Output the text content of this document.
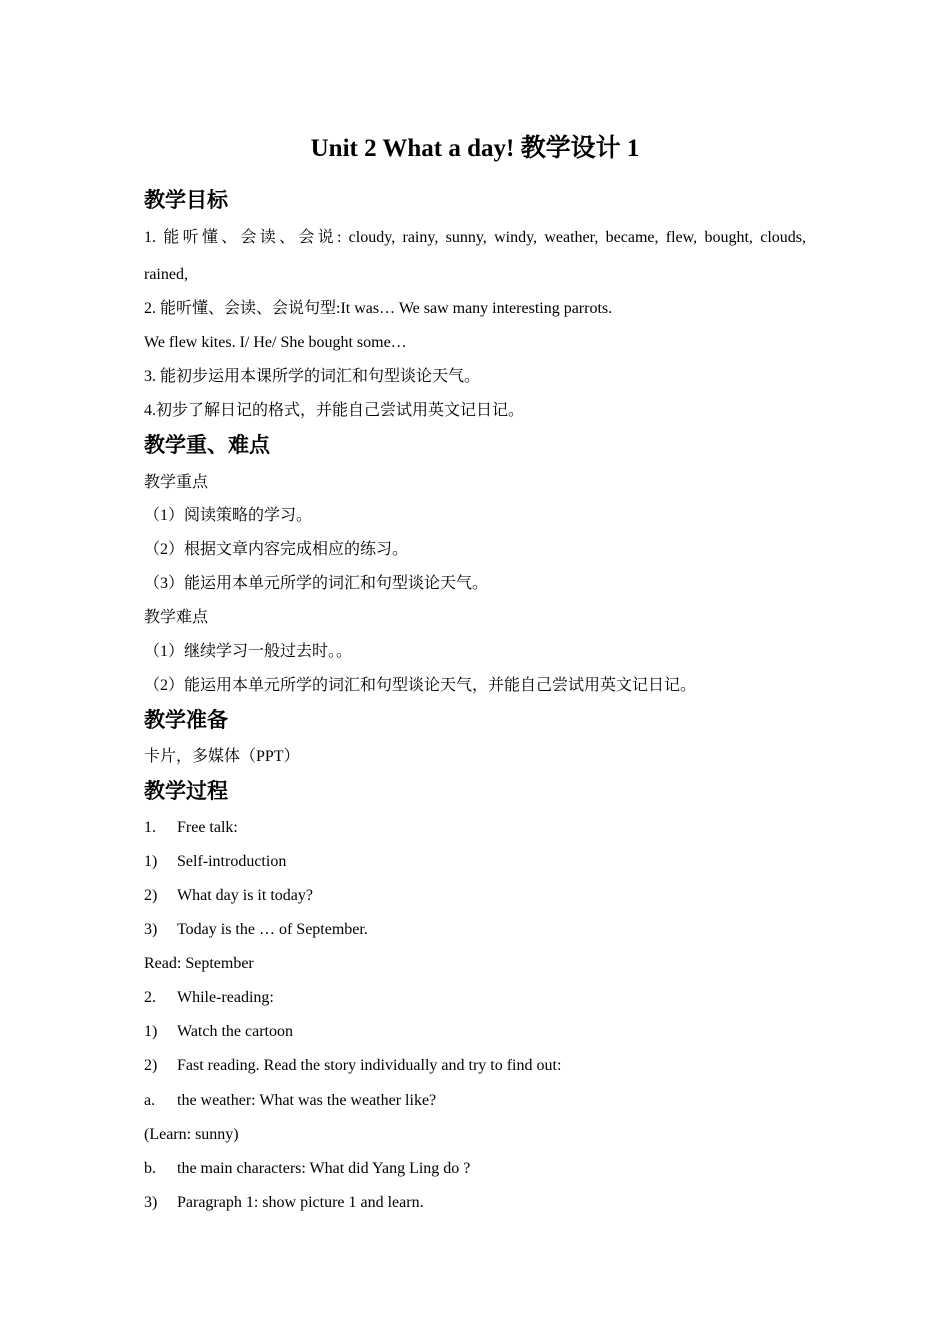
Unit 2 What a day! 教学设计 1
教学目标

1. 能听懂、会读、会说: cloudy, rainy, sunny, windy, weather, became, flew, bought, clouds,

rained,

2. 能听懂、会读、会说句型:It was… We saw many interesting parrots.

We flew kites. I/ He/ She bought some…

3. 能初步运用本课所学的词汇和句型谈论天气。

4.初步了解日记的格式，并能自己尝试用英文记日记。

教学重、难点

教学重点

（1）阅读策略的学习。

（2）根据文章内容完成相应的练习。

（3）能运用本单元所学的词汇和句型谈论天气。

教学难点

（1）继续学习一般过去时。。

（2）能运用本单元所学的词汇和句型谈论天气，并能自己尝试用英文记日记。

教学准备

卡片，多媒体（PPT）

教学过程

1. Free talk:

1) Self-introduction

2) What day is it today?

3) Today is the … of September.

Read: September

2. While-reading:

1) Watch the cartoon

2) Fast reading. Read the story individually and try to find out:

a. the weather: What was the weather like?

(Learn: sunny)

b. the main characters: What did Yang Ling do ?

3) Paragraph 1: show picture 1 and learn.
